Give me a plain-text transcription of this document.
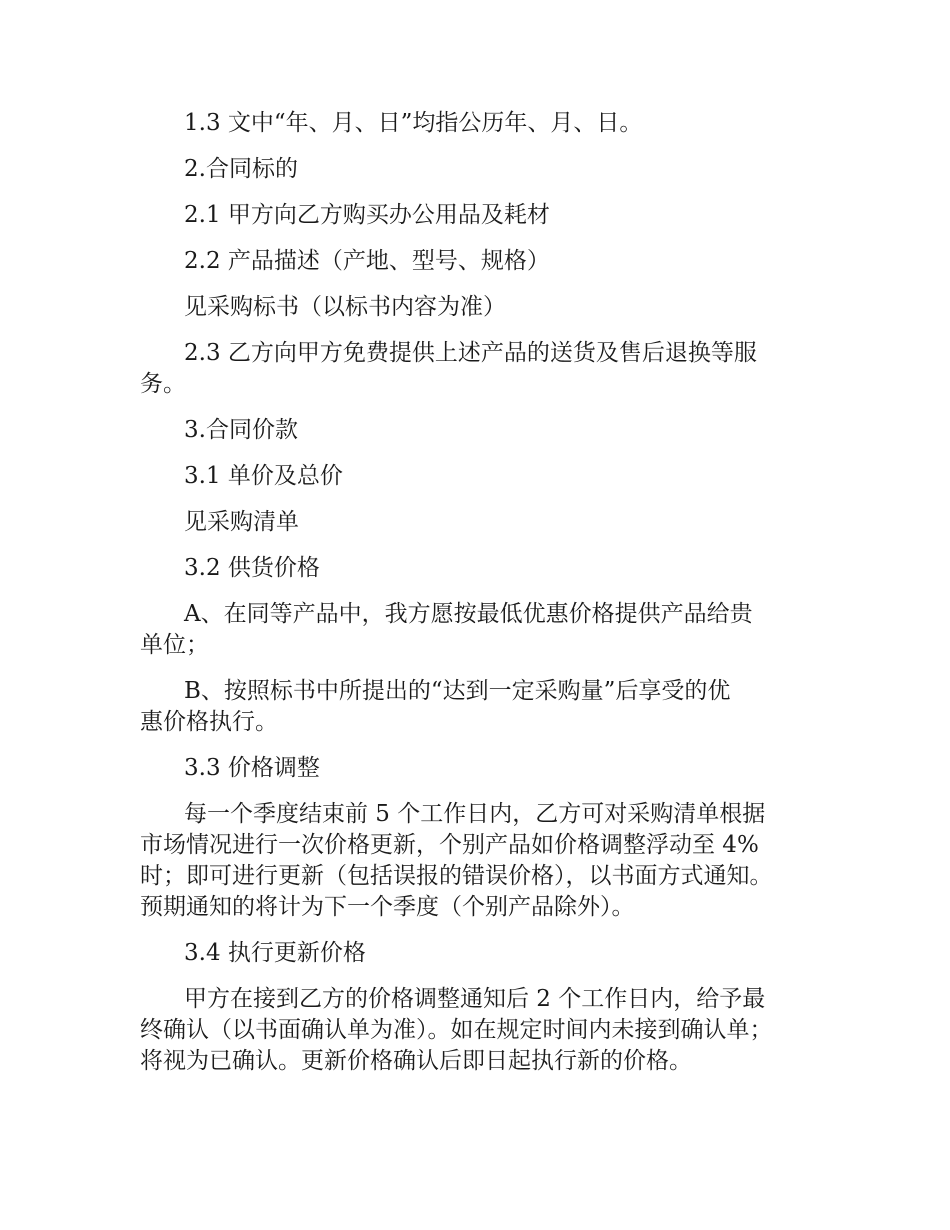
1.3 文中“年、月、日”均指公历年、月、日。
2.合同标的
2.1 甲方向乙方购买办公用品及耗材
2.2 产品描述（产地、型号、规格）
见采购标书（以标书内容为准）
2.3 乙方向甲方免费提供上述产品的送货及售后退换等服
务。
3.合同价款
3.1 单价及总价
见采购清单
3.2 供货价格
A、在同等产品中，我方愿按最低优惠价格提供产品给贵
单位；
B、按照标书中所提出的“达到一定采购量”后享受的优
惠价格执行。
3.3 价格调整
每一个季度结束前 5 个工作日内，乙方可对采购清单根据
市场情况进行一次价格更新，个别产品如价格调整浮动至 4%
时；即可进行更新（包括误报的错误价格），以书面方式通知。
预期通知的将计为下一个季度（个别产品除外）。
3.4 执行更新价格
甲方在接到乙方的价格调整通知后 2 个工作日内，给予最
终确认（以书面确认单为准）。如在规定时间内未接到确认单；
将视为已确认。更新价格确认后即日起执行新的价格。
